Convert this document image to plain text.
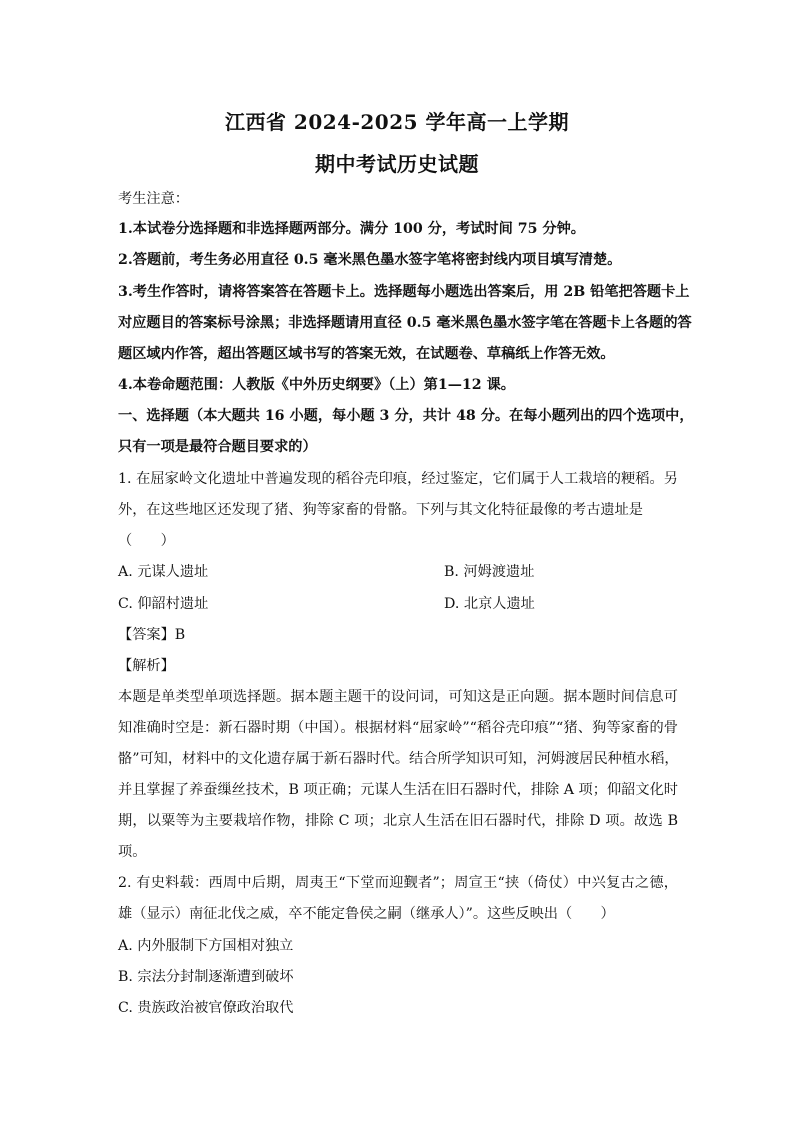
江西省 2024-2025 学年高一上学期
期中考试历史试题
考生注意：
1.本试卷分选择题和非选择题两部分。满分 100 分，考试时间 75 分钟。
2.答题前，考生务必用直径 0.5 毫米黑色墨水签字笔将密封线内项目填写清楚。
3.考生作答时，请将答案答在答题卡上。选择题每小题选出答案后，用 2B 铅笔把答题卡上
对应题目的答案标号涂黑；非选择题请用直径 0.5 毫米黑色墨水签字笔在答题卡上各题的答
题区域内作答，超出答题区域书写的答案无效，在试题卷、草稿纸上作答无效。
4.本卷命题范围：人教版《中外历史纲要》（上）第1—12 课。
一、选择题（本大题共 16 小题，每小题 3 分，共计 48 分。在每小题列出的四个选项中，
只有一项是最符合题目要求的）
1. 在屈家岭文化遗址中普遍发现的稻谷壳印痕，经过鉴定，它们属于人工栽培的粳稻。另
外，在这些地区还发现了猪、狗等家畜的骨骼。下列与其文化特征最像的考古遗址是
（　　）
A. 元谋人遗址	B. 河姆渡遗址
C. 仰韶村遗址	D. 北京人遗址
【答案】B
【解析】
本题是单类型单项选择题。据本题主题干的设问词，可知这是正向题。据本题时间信息可
知准确时空是：新石器时期（中国）。根据材料“屈家岭”“稻谷壳印痕”“猪、狗等家畜的骨
骼”可知，材料中的文化遗存属于新石器时代。结合所学知识可知，河姆渡居民种植水稻，
并且掌握了养蚕缫丝技术，B 项正确；元谋人生活在旧石器时代，排除 A 项；仰韶文化时
期，以粟等为主要栽培作物，排除 C 项；北京人生活在旧石器时代，排除 D 项。故选 B
项。
2. 有史料载：西周中后期，周夷王“下堂而迎觐者”；周宣王“挟（倚仗）中兴复古之德，
雄（显示）南征北伐之威，卒不能定鲁侯之嗣（继承人）”。这些反映出（　　）
A. 内外服制下方国相对独立
B. 宗法分封制逐渐遭到破坏
C. 贵族政治被官僚政治取代
